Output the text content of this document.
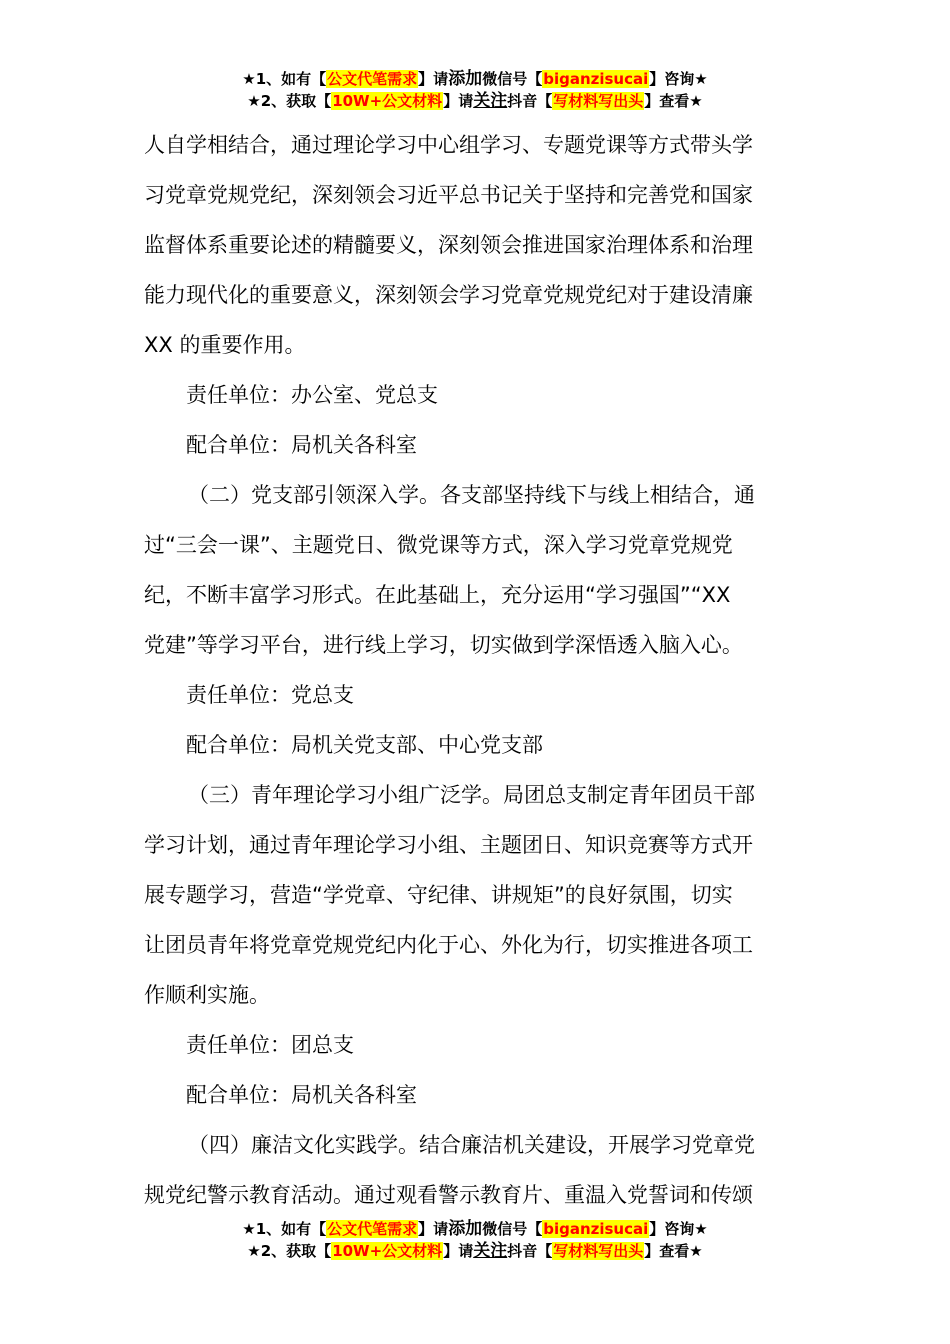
★1、如有【公文代笔需求】请添加微信号【biganzisucai】咨询★
★2、获取【10W+公文材料】请关注抖音【写材料写出头】查看★

人自学相结合，通过理论学习中心组学习、专题党课等方式带头学

习党章党规党纪，深刻领会习近平总书记关于坚持和完善党和国家

监督体系重要论述的精髓要义，深刻领会推进国家治理体系和治理

能力现代化的重要意义，深刻领会学习党章党规党纪对于建设清廉

XX 的重要作用。

责任单位：办公室、党总支

配合单位：局机关各科室

（二）党支部引领深入学。各支部坚持线下与线上相结合，通

过“三会一课”、主题党日、微党课等方式，深入学习党章党规党

纪，不断丰富学习形式。在此基础上，充分运用“学习强国”“XX

党建”等学习平台，进行线上学习，切实做到学深悟透入脑入心。

责任单位：党总支

配合单位：局机关党支部、中心党支部

（三）青年理论学习小组广泛学。局团总支制定青年团员干部

学习计划，通过青年理论学习小组、主题团日、知识竞赛等方式开

展专题学习，营造“学党章、守纪律、讲规矩”的良好氛围，切实

让团员青年将党章党规党纪内化于心、外化为行，切实推进各项工

作顺利实施。

责任单位：团总支

配合单位：局机关各科室

（四）廉洁文化实践学。结合廉洁机关建设，开展学习党章党

规党纪警示教育活动。通过观看警示教育片、重温入党誓词和传颂

★1、如有【公文代笔需求】请添加微信号【biganzisucai】咨询★
★2、获取【10W+公文材料】请关注抖音【写材料写出头】查看★
